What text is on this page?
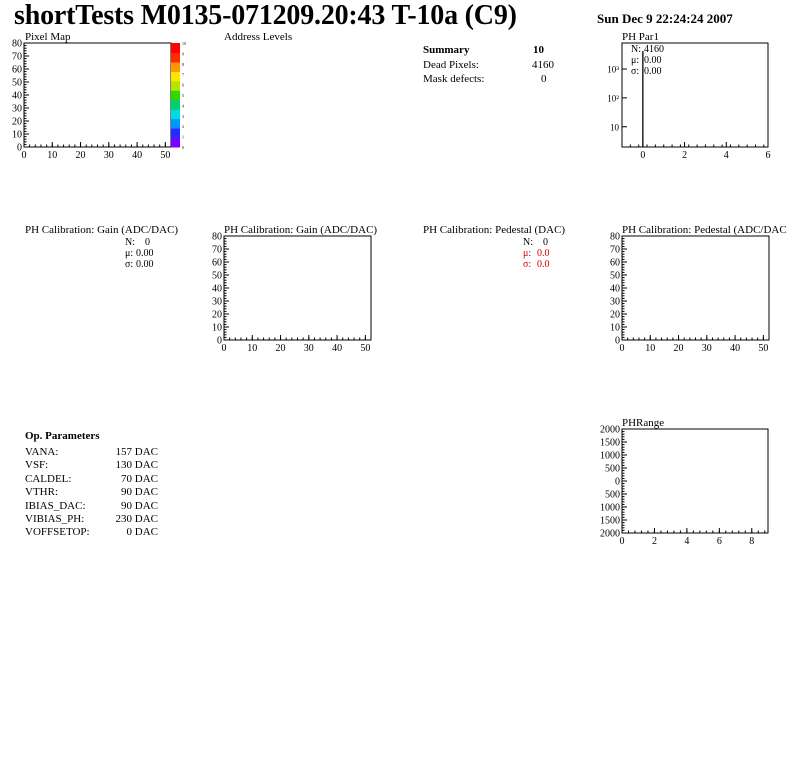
shortTests M0135-071209.20:43 T-10a (C9)	Sun Dec 9 22:24:24 2007
Pixel Map	Address Levels	PH Par1
PH Calibration: Gain (ADC/DAC)	PH Calibration: Gain (ADC/DAC)	PH Calibration: Pedestal (DAC)	PH Calibration: Pedestal (ADC/DAC
PHRange
Summary	10
Dead Pixels:	4160
Mask defects:	0
N: 0
μ: 0.00
σ: 0.00
N: 0
μ: 0.0
σ: 0.0
Op. Parameters
VANA:	157 DAC
VSF:	130 DAC
CALDEL:	70 DAC
VTHR:	90 DAC
IBIAS_DAC:	90 DAC
VIBIAS_PH:	230 DAC
VOFFSETOP:	0 DAC
N: 4160
μ: 0.00
σ: 0.00
0
10
20
30
40
50
60
70
80
0 10 20 30 40 50
0
1
2
3
4
5
6
7
8
9
10
0	2	4	6
10
10²
10³
0
10
20
30
40
50
60
70
80
0 10 20 30 40 50
0
10
20
30
40
50
60
70
80
0 10 20 30 40 50
2000
1500
1000
500
0
500
1000
1500
2000
0	2	4	6	8
